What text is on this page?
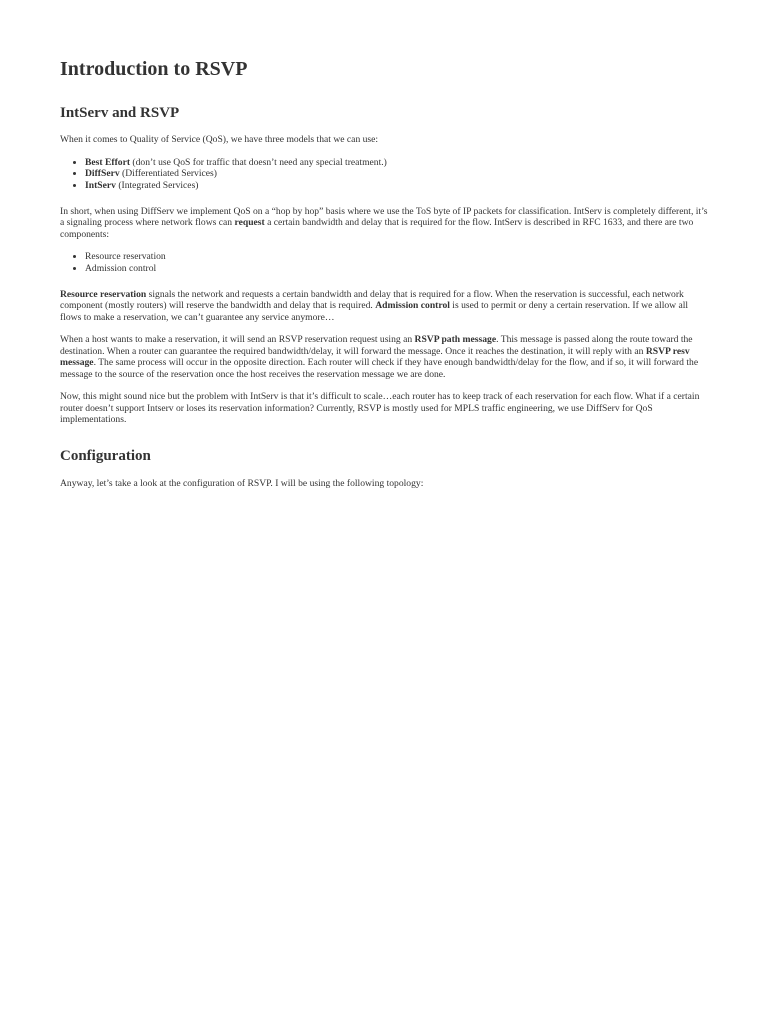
Introduction to RSVP
IntServ and RSVP

When it comes to Quality of Service (QoS), we have three models that we can use:

• Best Effort (don’t use QoS for traffic that doesn’t need any special treatment.)
• DiffServ (Differentiated Services)
• IntServ (Integrated Services)

In short, when using DiffServ we implement QoS on a “hop by hop” basis where we use the ToS byte of IP packets for classification. IntServ is completely different, it’s a signaling process where network flows can request a certain bandwidth and delay that is required for the flow. IntServ is described in RFC 1633, and there are two components:

• Resource reservation
• Admission control

Resource reservation signals the network and requests a certain bandwidth and delay that is required for a flow. When the reservation is successful, each network component (mostly routers) will reserve the bandwidth and delay that is required. Admission control is used to permit or deny a certain reservation. If we allow all flows to make a reservation, we can’t guarantee any service anymore…

When a host wants to make a reservation, it will send an RSVP reservation request using an RSVP path message. This message is passed along the route toward the destination. When a router can guarantee the required bandwidth/delay, it will forward the message. Once it reaches the destination, it will reply with an RSVP resv message. The same process will occur in the opposite direction. Each router will check if they have enough bandwidth/delay for the flow, and if so, it will forward the message to the source of the reservation once the host receives the reservation message we are done.

Now, this might sound nice but the problem with IntServ is that it’s difficult to scale…each router has to keep track of each reservation for each flow. What if a certain router doesn’t support Intserv or loses its reservation information? Currently, RSVP is mostly used for MPLS traffic engineering, we use DiffServ for QoS implementations.

Configuration

Anyway, let’s take a look at the configuration of RSVP. I will be using the following topology:
